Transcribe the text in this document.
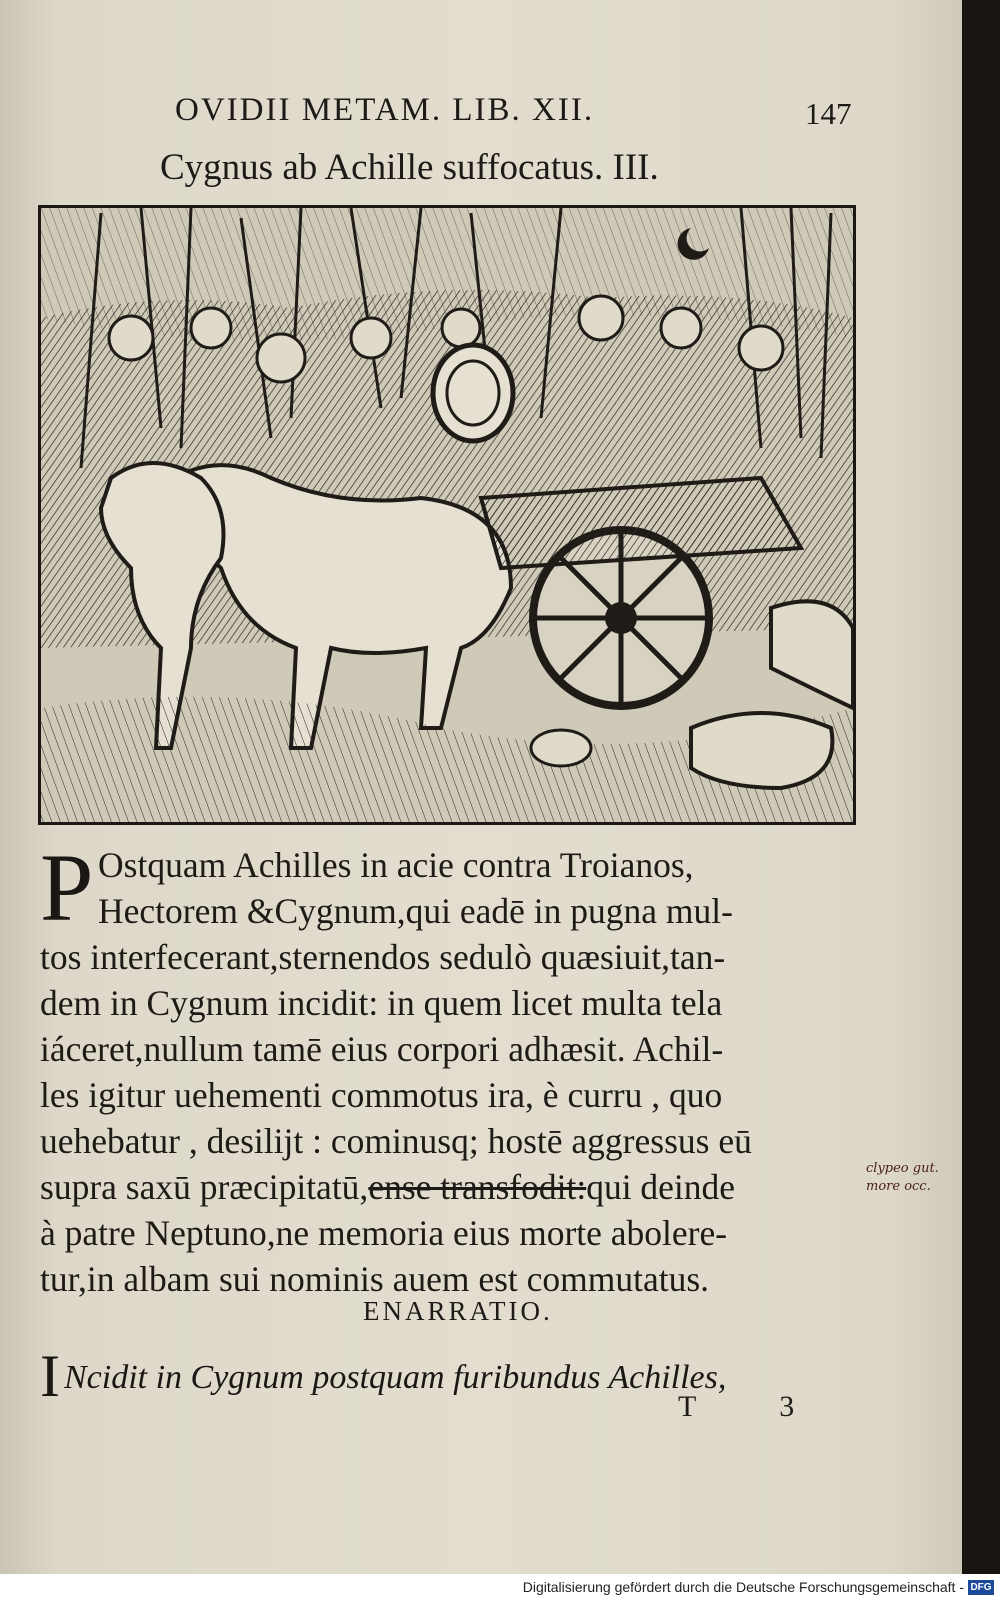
OVIDII METAM. LIB. XII.	147
Cygnus ab Achille suffocatus. III.
P Ostquam Achilles in acie contra Troianos,
Hectorem &Cygnum,qui eadē in pugna mul-
tos interfecerant,sternendos sedulò quæsiuit,tan-
dem in Cygnum incidit: in quem licet multa tela
iáceret,nullum tamē eius corpori adhæsit. Achil-
les igitur uehementi commotus ira, è curru , quo
uehebatur , desilijt : cominusq; hostē aggressus eū
supra saxū præcipitatū,ense transfodit:qui deinde
à patre Neptuno,ne memoria eius morte abolere-
tur,in albam sui nominis auem est commutatus.
clypeo gut. more occ.
ENARRATIO.
I Ncidit in Cygnum postquam furibundus Achilles,
T 3
Digitalisierung gefördert durch die Deutsche Forschungsgemeinschaft - DFG
